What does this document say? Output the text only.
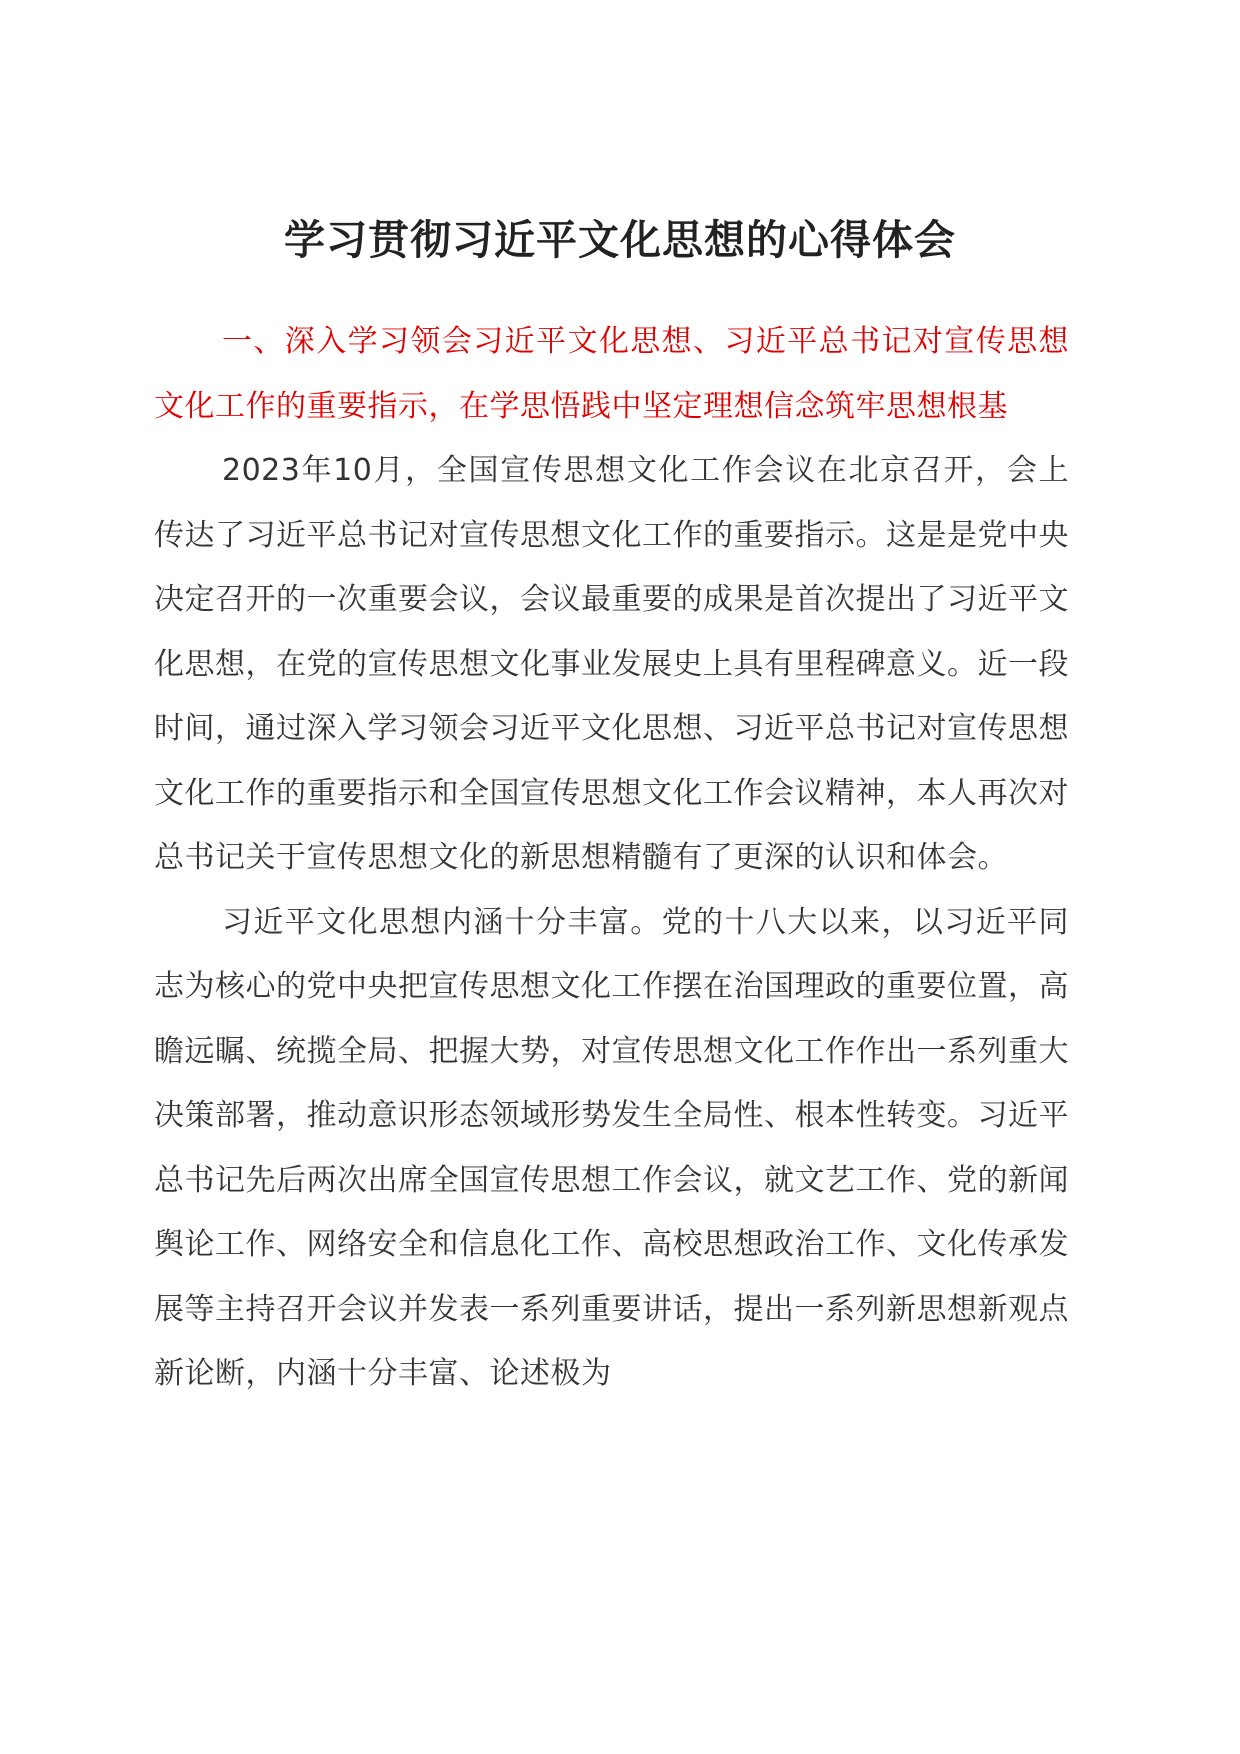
学习贯彻习近平文化思想的心得体会

一、深入学习领会习近平文化思想、习近平总书记对宣传思想文化工作的重要指示，在学思悟践中坚定理想信念筑牢思想根基

2023年10月，全国宣传思想文化工作会议在北京召开，会上传达了习近平总书记对宣传思想文化工作的重要指示。这是是党中央决定召开的一次重要会议，会议最重要的成果是首次提出了习近平文化思想，在党的宣传思想文化事业发展史上具有里程碑意义。近一段时间，通过深入学习领会习近平文化思想、习近平总书记对宣传思想文化工作的重要指示和全国宣传思想文化工作会议精神，本人再次对总书记关于宣传思想文化的新思想精髓有了更深的认识和体会。

习近平文化思想内涵十分丰富。党的十八大以来，以习近平同志为核心的党中央把宣传思想文化工作摆在治国理政的重要位置，高瞻远瞩、统揽全局、把握大势，对宣传思想文化工作作出一系列重大决策部署，推动意识形态领域形势发生全局性、根本性转变。习近平总书记先后两次出席全国宣传思想工作会议，就文艺工作、党的新闻舆论工作、网络安全和信息化工作、高校思想政治工作、文化传承发展等主持召开会议并发表一系列重要讲话，提出一系列新思想新观点新论断，内涵十分丰富、论述极为
